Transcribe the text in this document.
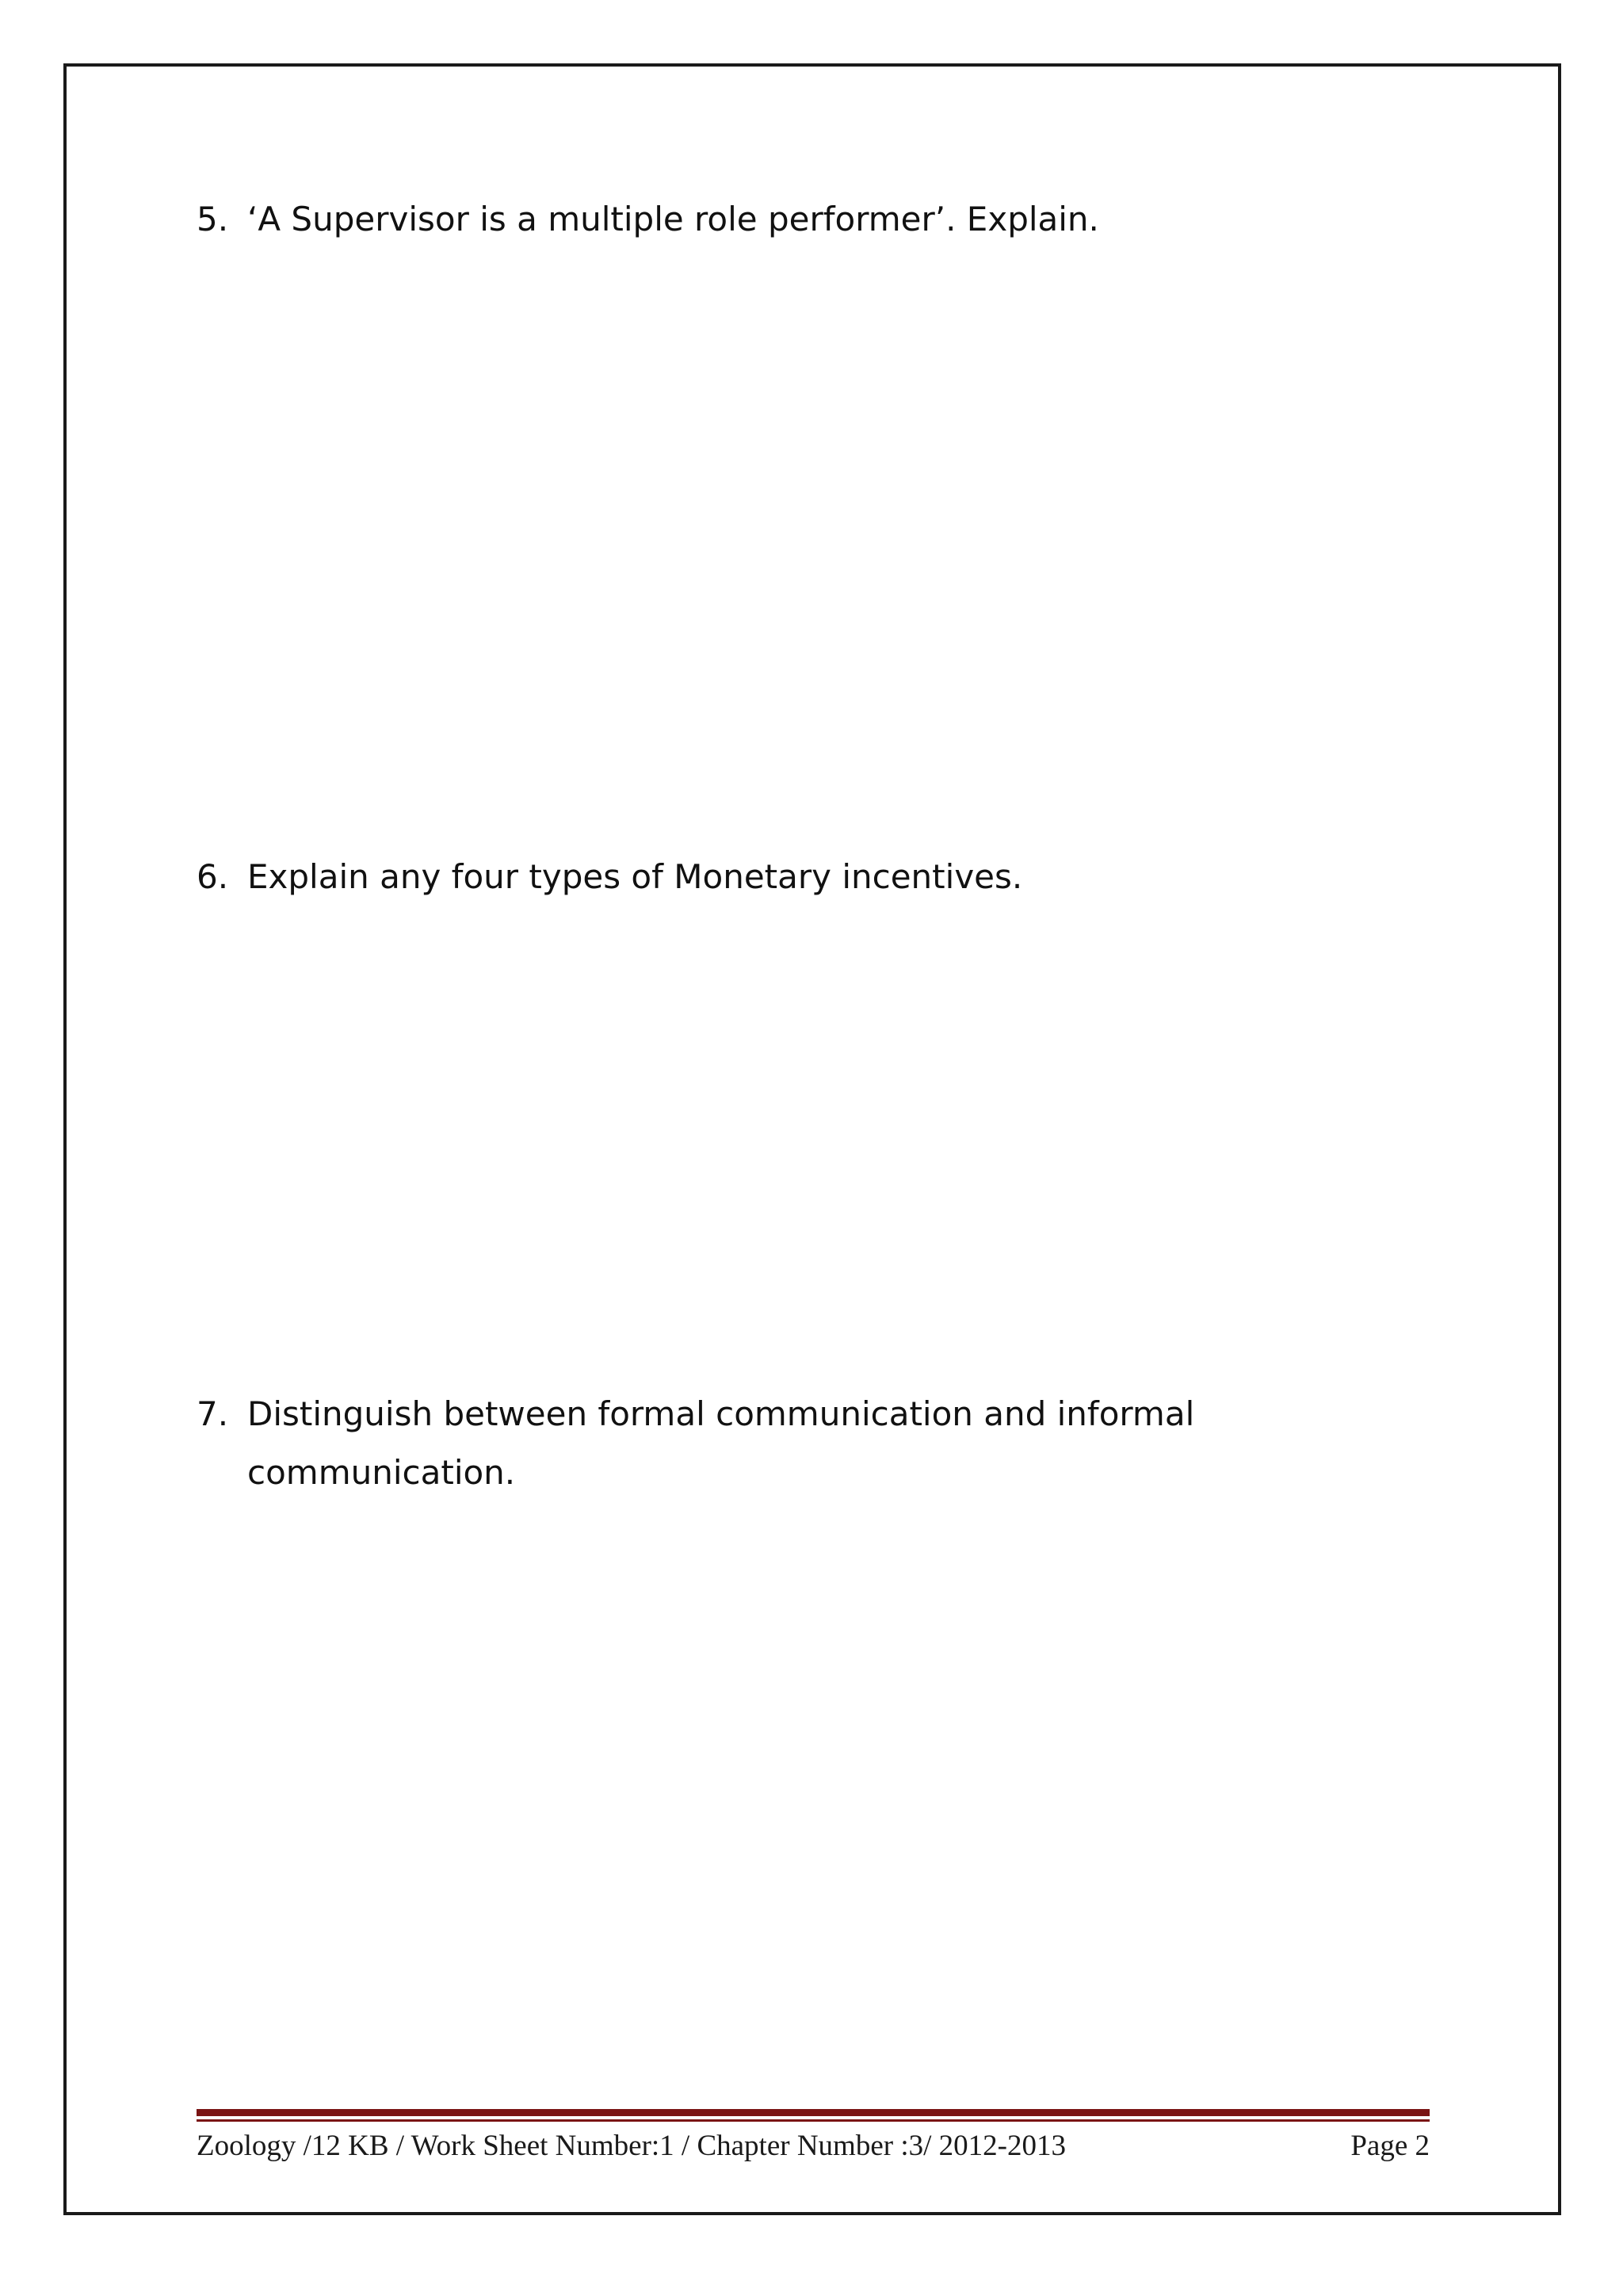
5. ‘A Supervisor is a multiple role performer’. Explain.
6. Explain any four types of Monetary incentives.
7. Distinguish between formal communication and informal communication.
Zoology /12 KB / Work Sheet Number:1 / Chapter Number :3/ 2012-2013	Page 2
